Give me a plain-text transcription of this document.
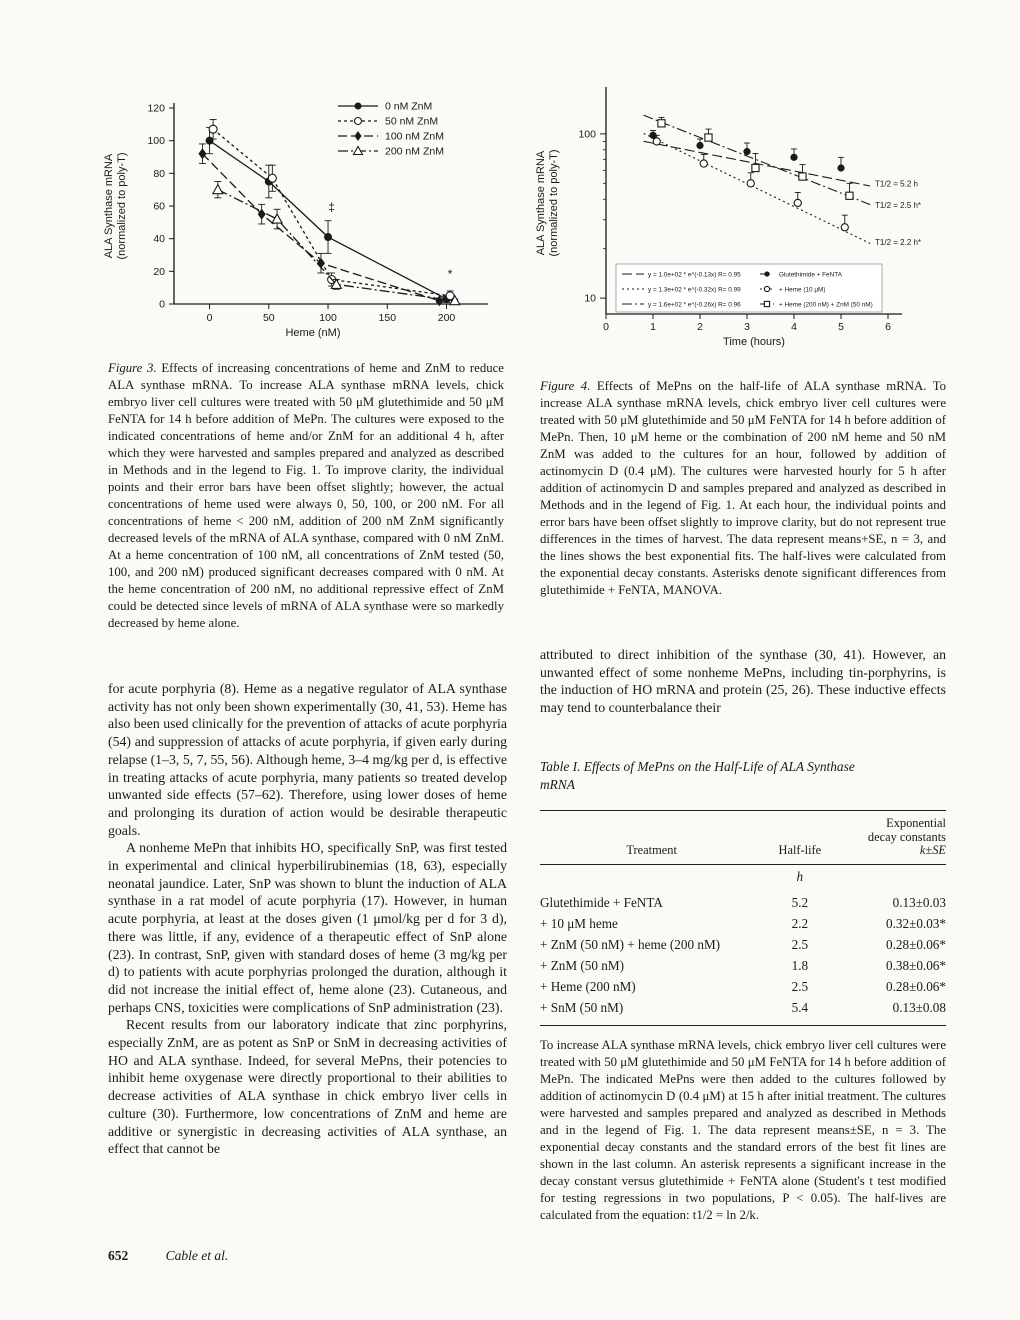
0
20
40
60
80
100
120
0	50	100	150	200
Heme (nM)
ALA Synthase mRNA (normalized to poly-T)
0 nM ZnM
50 nM ZnM
100 nM ZnM
200 nM ZnM
‡
*
10
100
0	1	2	3	4	5	6
Time (hours)
ALA Synthase mRNA (normalized to poly-T)	T1/2 = 5.2 h
T1/2 = 2.5 h*
T1/2 = 2.2 h*
y = 1.0e+02 * e^(-0.13x) R= 0.95	Glutethimide + FeNTA
y = 1.3e+02 * e^(-0.32x) R= 0.99	+ Heme (10 μM)
y = 1.6e+02 * e^(-0.26x) R= 0.96	+ Heme (200 nM) + ZnM (50 nM)
Figure 3. Effects of increasing concentrations of heme and ZnM to reduce ALA synthase mRNA. To increase ALA synthase mRNA levels, chick embryo liver cell cultures were treated with 50 μM glutethimide and 50 μM FeNTA for 14 h before addition of MePn. The cultures were exposed to the indicated concentrations of heme and/or ZnM for an additional 4 h, after which they were harvested and samples prepared and analyzed as described in Methods and in the legend to Fig. 1. To improve clarity, the individual points and their error bars have been offset slightly; however, the actual concentrations of heme used were always 0, 50, 100, or 200 nM. For all concentrations of heme < 200 nM, addition of 200 nM ZnM significantly decreased levels of the mRNA of ALA synthase, compared with 0 nM ZnM. At a heme concentration of 100 nM, all concentrations of ZnM tested (50, 100, and 200 nM) produced significant decreases compared with 0 nM. At the heme concentration of 200 nM, no additional repressive effect of ZnM could be detected since levels of mRNA of ALA synthase were so markedly decreased by heme alone.
Figure 4. Effects of MePns on the half-life of ALA synthase mRNA. To increase ALA synthase mRNA levels, chick embryo liver cell cultures were treated with 50 μM glutethimide and 50 μM FeNTA for 14 h before addition of MePn. Then, 10 μM heme or the combination of 200 nM heme and 50 nM ZnM was added to the cultures for an hour, followed by addition of actinomycin D (0.4 μM). The cultures were harvested hourly for 5 h after addition of actinomycin D and samples prepared and analyzed as described in Methods and in the legend of Fig. 1. At each hour, the individual points and error bars have been offset slightly to improve clarity, but do not represent true differences in the times of harvest. The data represent means+SE, n = 3, and the lines shows the best exponential fits. The half-lives were calculated from the exponential decay constants. Asterisks denote significant differences from glutethimide + FeNTA, MANOVA.

for acute porphyria (8). Heme as a negative regulator of ALA synthase activity has not only been shown experimentally (30, 41, 53). Heme has also been used clinically for the prevention of attacks of acute porphyria (54) and suppression of attacks of acute porphyria, if given early during relapse (1–3, 5, 7, 55, 56). Although heme, 3–4 mg/kg per d, is effective in treating attacks of acute porphyria, many patients so treated develop unwanted side effects (57–62). Therefore, using lower doses of heme and prolonging its duration of action would be desirable therapeutic goals.

A nonheme MePn that inhibits HO, specifically SnP, was first tested in experimental and clinical hyperbilirubinemias (18, 63), especially neonatal jaundice. Later, SnP was shown to blunt the induction of ALA synthase in a rat model of acute porphyria (17). However, in human acute porphyria, at least at the doses given (1 μmol/kg per d for 3 d), there was little, if any, evidence of a therapeutic effect of SnP alone (23). In contrast, SnP, given with standard doses of heme (3 mg/kg per d) to patients with acute porphyrias prolonged the duration, although it did not increase the initial effect of, heme alone (23). Cutaneous, and perhaps CNS, toxicities were complications of SnP administration (23).

Recent results from our laboratory indicate that zinc porphyrins, especially ZnM, are as potent as SnP or SnM in decreasing activities of HO and ALA synthase. Indeed, for several MePns, their potencies to inhibit heme oxygenase were directly proportional to their abilities to decrease activities of ALA synthase in chick embryo liver cells in culture (30). Furthermore, low concentrations of ZnM and heme are additive or synergistic in decreasing activities of ALA synthase, an effect that cannot be

attributed to direct inhibition of the synthase (30, 41). However, an unwanted effect of some nonheme MePns, including tin-porphyrins, is the induction of HO mRNA and protein (25, 26). These inductive effects may tend to counterbalance their

Table I. Effects of MePns on the Half-Life of ALA Synthase mRNA
Treatment	Half-life	Exponential
decay constants
k±SE
	h	
Glutethimide + FeNTA	5.2	0.13±0.03
+ 10 μM heme	2.2	0.32±0.03*
+ ZnM (50 nM) + heme (200 nM)	2.5	0.28±0.06*
+ ZnM (50 nM)	1.8	0.38±0.06*
+ Heme (200 nM)	2.5	0.28±0.06*
+ SnM (50 nM)	5.4	0.13±0.08
To increase ALA synthase mRNA levels, chick embryo liver cell cultures were treated with 50 μM glutethimide and 50 μM FeNTA for 14 h before addition of MePn. The indicated MePns were then added to the cultures followed by addition of actinomycin D (0.4 μM) at 15 h after initial treatment. The cultures were harvested and samples prepared and analyzed as described in Methods and in the legend of Fig. 1. The data represent means±SE, n = 3. The exponential decay constants and the standard errors of the best fit lines are shown in the last column. An asterisk represents a significant increase in the decay constant versus glutethimide + FeNTA alone (Student's t test modified for testing regressions in two populations, P < 0.05). The half-lives are calculated from the equation: t1/2 = ln 2/k.
652	Cable et al.
